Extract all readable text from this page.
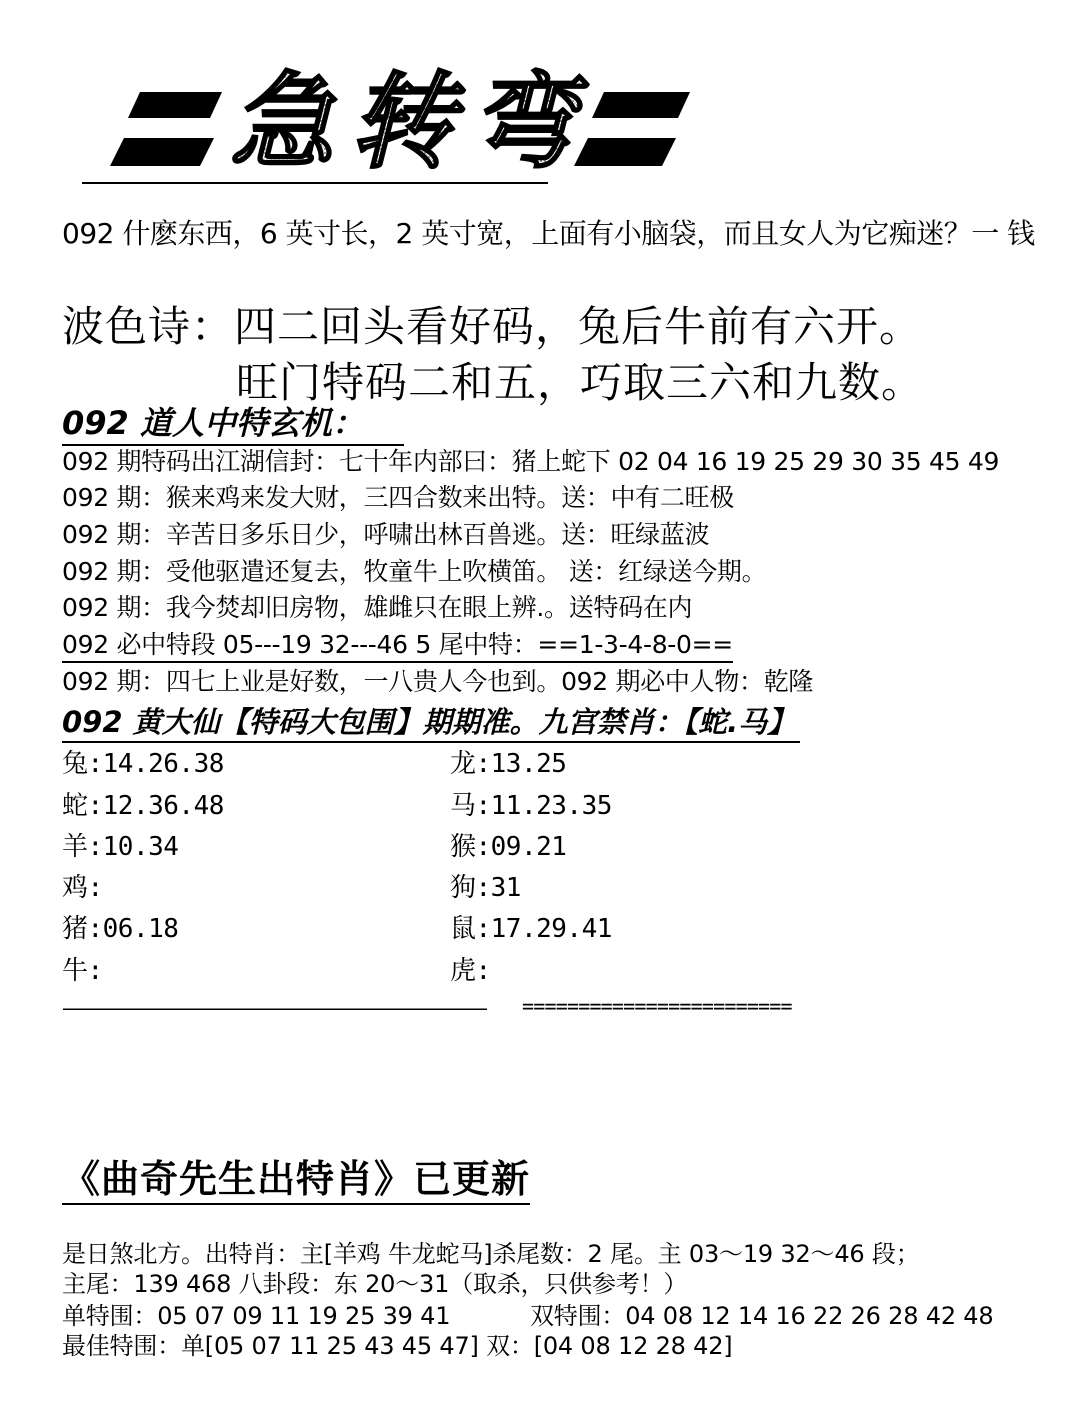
急转弯
092 什麽东西，6 英寸长，2 英寸宽，上面有小脑袋，而且女人为它痴迷？一 钱
波色诗：四二回头看好码，兔后牛前有六开。
旺门特码二和五，巧取三六和九数。
092 道人中特玄机：
092 期特码出江湖信封：七十年内部曰：猪上蛇下 02 04 16 19 25 29 30 35 45 49
092 期：猴来鸡来发大财，三四合数来出特。送：中有二旺极
092 期：辛苦日多乐日少，呼啸出林百兽逃。送：旺绿蓝波
092 期：受他驱遣还复去，牧童牛上吹横笛。 送：红绿送今期。
092 期：我今焚却旧房物，雄雌只在眼上辨.。送特码在内
092 必中特段 05---19 32---46 5 尾中特：==1-3-4-8-0==
092 期：四七上业是好数，一八贵人今也到。092 期必中人物：乾隆
092 黄大仙【特码大包围】期期准。九宫禁肖：【蛇.马】
兔:14.26.38
蛇:12.36.48
羊:10.34
鸡:
猪:06.18
牛:
龙:13.25
马:11.23.35
猴:09.21
狗:31
鼠:17.29.41
虎:
——————————————————————————————	========================
《曲奇先生出特肖》已更新
是日煞北方。出特肖：主[羊鸡 牛龙蛇马]杀尾数：2 尾。主 03～19 32～46 段；
主尾：139 468 八卦段：东 20～31（取杀，只供参考！）
单特围：05 07 09 11 19 25 39 41	双特围：04 08 12 14 16 22 26 28 42 48
最佳特围：单[05 07 11 25 43 45 47] 双：[04 08 12 28 42]
